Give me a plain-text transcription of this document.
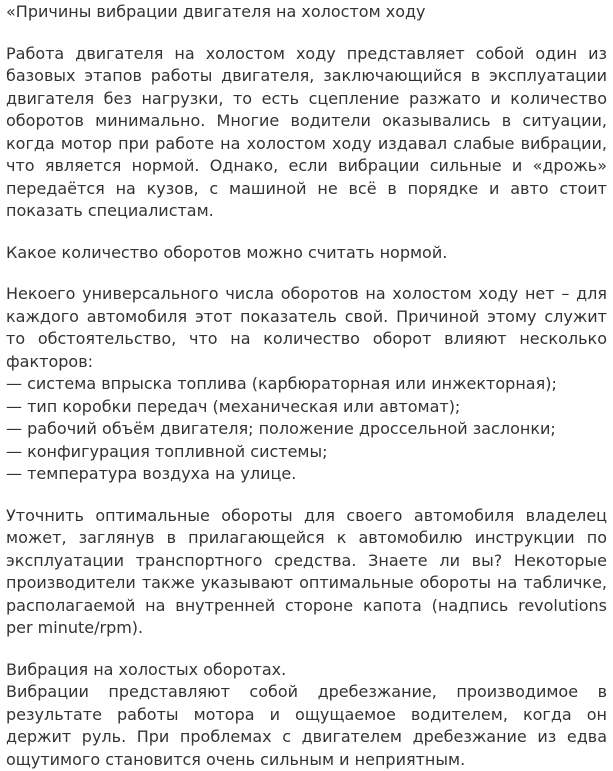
«Причины вибрации двигателя на холостом ходу

Работа двигателя на холостом ходу представляет собой один из базовых этапов работы двигателя, заключающийся в эксплуатации двигателя без нагрузки, то есть сцепление разжато и количество оборотов минимально. Многие водители оказывались в ситуации, когда мотор при работе на холостом ходу издавал слабые вибрации, что является нормой. Однако, если вибрации сильные и «дрожь» передаётся на кузов, с машиной не всё в порядке и авто стоит показать специалистам.

Какое количество оборотов можно считать нормой.

Некоего универсального числа оборотов на холостом ходу нет – для каждого автомобиля этот показатель свой. Причиной этому служит то обстоятельство, что на количество оборот влияют несколько факторов:

— система впрыска топлива (карбюраторная или инжекторная);
— тип коробки передач (механическая или автомат);
— рабочий объём двигателя; положение дроссельной заслонки;
— конфигурация топливной системы;
— температура воздуха на улице.

Уточнить оптимальные обороты для своего автомобиля владелец может, заглянув в прилагающейся к автомобилю инструкции по эксплуатации транспортного средства. Знаете ли вы? Некоторые производители также указывают оптимальные обороты на табличке, располагаемой на внутренней стороне капота (надпись revolutions per minute/rpm).

Вибрация на холостых оборотах.

Вибрации представляют собой дребезжание, производимое в результате работы мотора и ощущаемое водителем, когда он держит руль. При проблемах с двигателем дребезжание из едва ощутимого становится очень сильным и неприятным.
